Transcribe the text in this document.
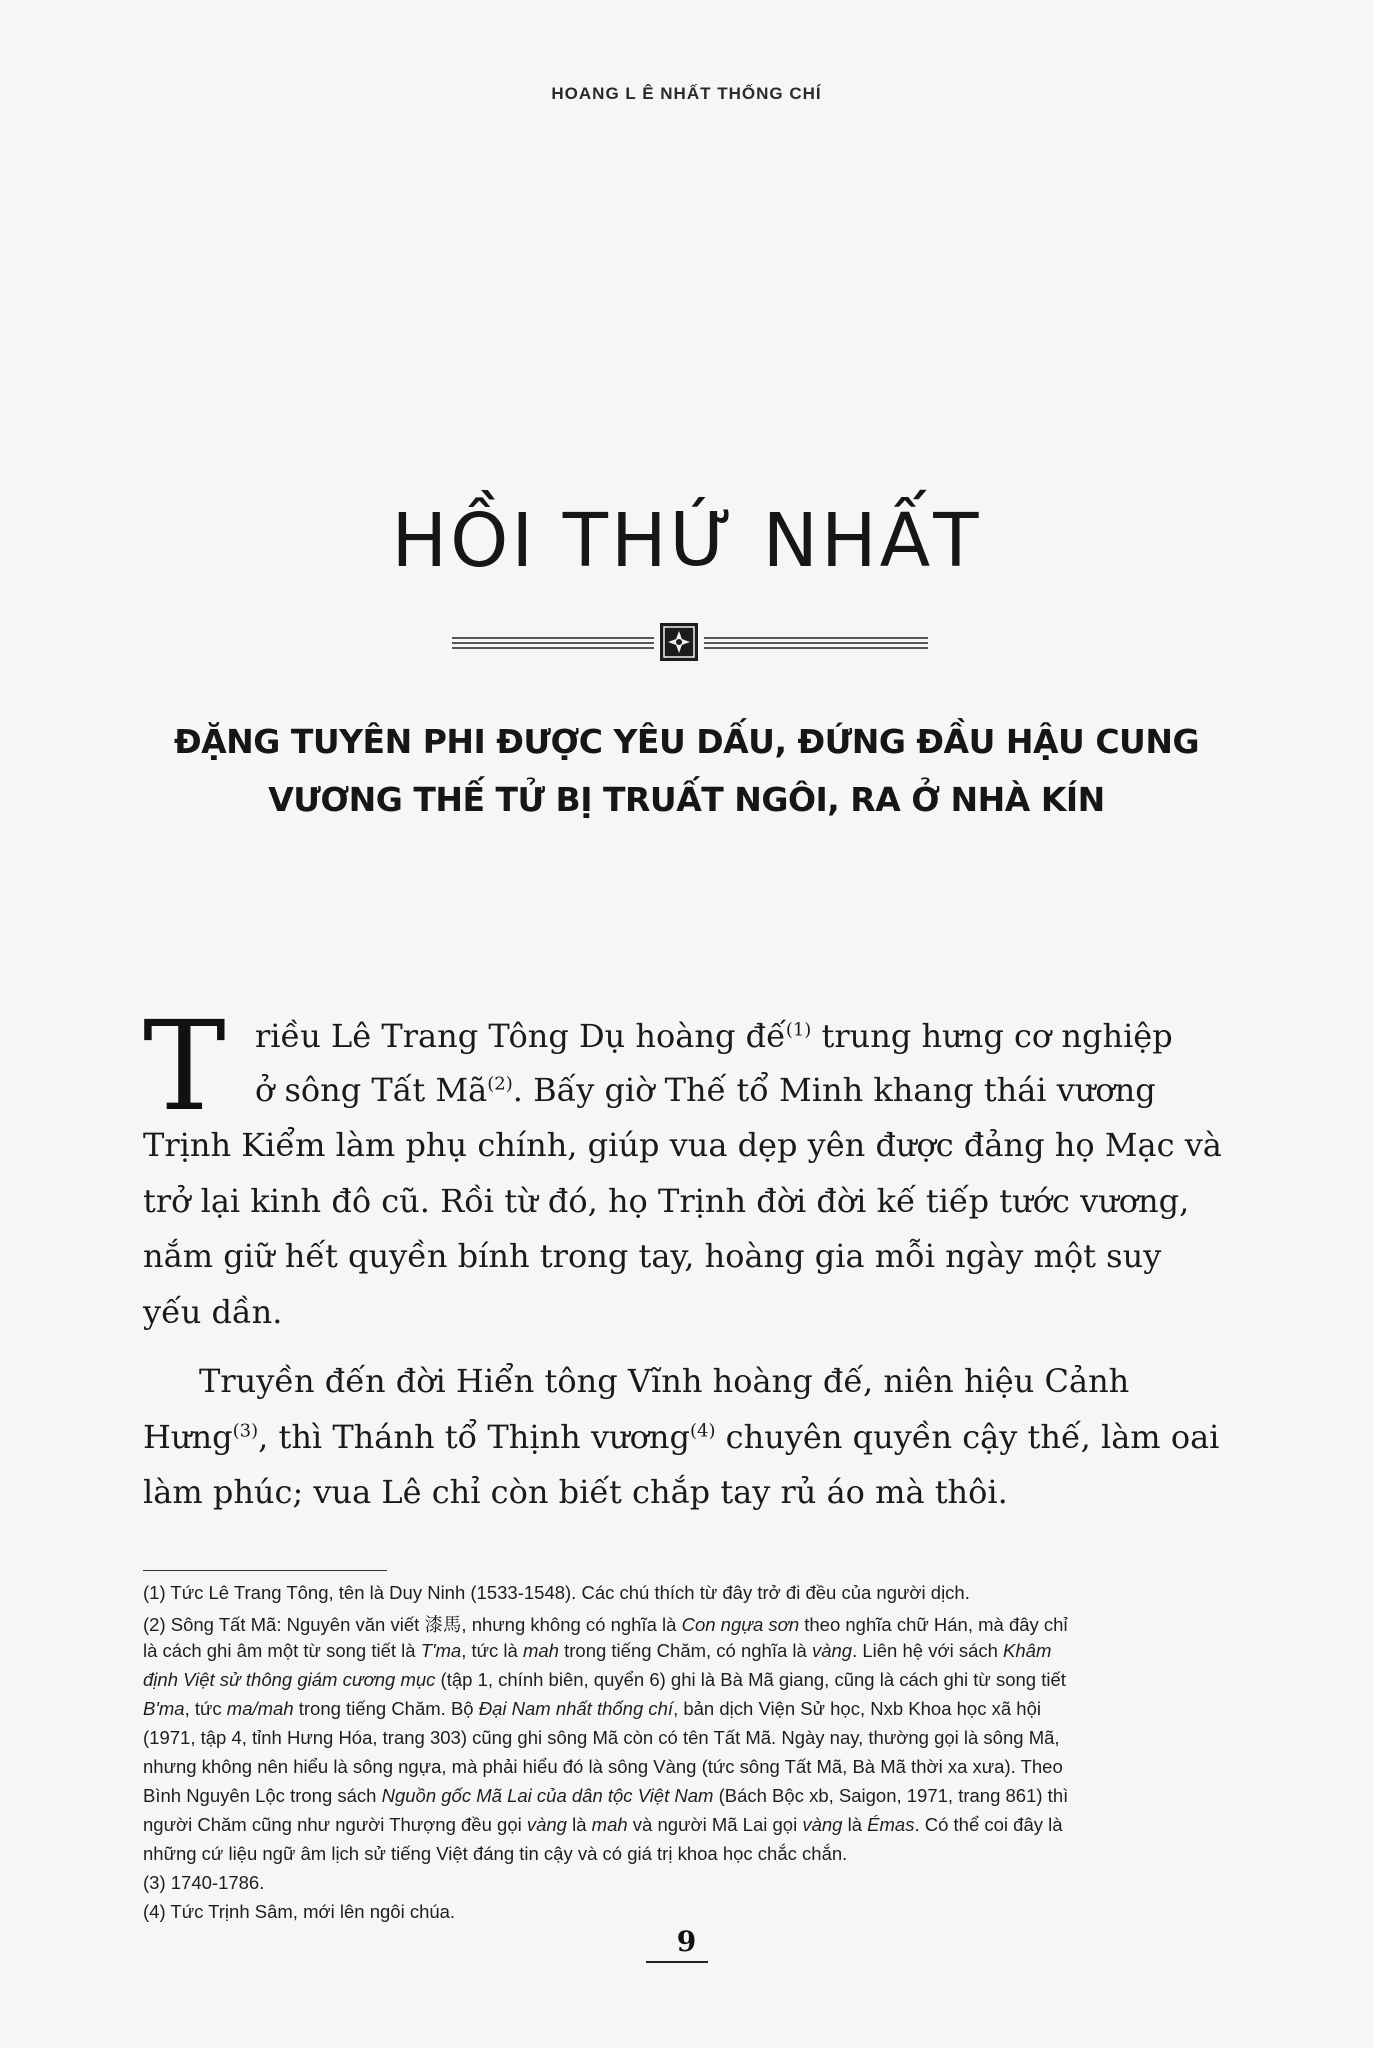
HOANG L Ê NHẤT THỐNG CHÍ
HỒI THỨ NHẤT
ĐẶNG TUYÊN PHI ĐƯỢC YÊU DẤU, ĐỨNG ĐẦU HẬU CUNG
VƯƠNG THẾ TỬ BỊ TRUẤT NGÔI, RA Ở NHÀ KÍN
T riều Lê Trang Tông Dụ hoàng đế$^{(1)}$ trung hưng cơ nghiệp
ở sông Tất Mã$^{(2)}$. Bấy giờ Thế tổ Minh khang thái vương
Trịnh Kiểm làm phụ chính, giúp vua dẹp yên được đảng họ Mạc và
trở lại kinh đô cũ. Rồi từ đó, họ Trịnh đời đời kế tiếp tước vương,
nắm giữ hết quyền bính trong tay, hoàng gia mỗi ngày một suy
yếu dần.
Truyền đến đời Hiển tông Vĩnh hoàng đế, niên hiệu Cảnh
Hưng$^{(3)}$, thì Thánh tổ Thịnh vương$^{(4)}$ chuyên quyền cậy thế, làm oai
làm phúc; vua Lê chỉ còn biết chắp tay rủ áo mà thôi.
(1) Tức Lê Trang Tông, tên là Duy Ninh (1533-1548). Các chú thích từ đây trở đi đều của người dịch.
(2) Sông Tất Mã: Nguyên văn viết 漆馬, nhưng không có nghĩa là Con ngựa sơn theo nghĩa chữ Hán, mà đây chỉ
là cách ghi âm một từ song tiết là T'ma, tức là mah trong tiếng Chăm, có nghĩa là vàng. Liên hệ với sách Khâm
định Việt sử thông giám cương mục (tập 1, chính biên, quyển 6) ghi là Bà Mã giang, cũng là cách ghi từ song tiết
B'ma, tức ma/mah trong tiếng Chăm. Bộ Đại Nam nhất thống chí, bản dịch Viện Sử học, Nxb Khoa học xã hội
(1971, tập 4, tỉnh Hưng Hóa, trang 303) cũng ghi sông Mã còn có tên Tất Mã. Ngày nay, thường gọi là sông Mã,
nhưng không nên hiểu là sông ngựa, mà phải hiểu đó là sông Vàng (tức sông Tất Mã, Bà Mã thời xa xưa). Theo
Bình Nguyên Lộc trong sách Nguồn gốc Mã Lai của dân tộc Việt Nam (Bách Bộc xb, Saigon, 1971, trang 861) thì
người Chăm cũng như người Thượng đều gọi vàng là mah và người Mã Lai gọi vàng là Émas. Có thể coi đây là
những cứ liệu ngữ âm lịch sử tiếng Việt đáng tin cậy và có giá trị khoa học chắc chắn.
(3) 1740-1786.
(4) Tức Trịnh Sâm, mới lên ngôi chúa.
9
